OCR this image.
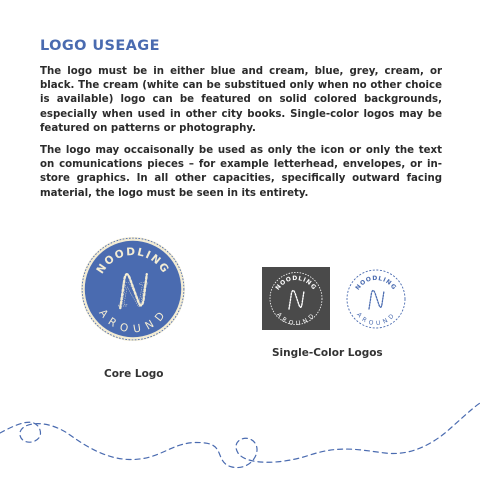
LOGO USEAGE

The logo must be in either blue and cream, blue, grey, cream, or black. The cream (white can be substitued only when no other choice is available) logo can be featured on solid colored backgrounds, especially when used in other city books. Single-color logos may be featured on patterns or photography.

The logo may occaisonally be used as only the icon or only the text on comunications pieces – for example letterhead, envelopes, or in-store graphics. In all other capacities, specifically outward facing material, the logo must be seen in its entirety.

NOODLING
AROUND
N	NOODLING
AROUND
NOODLING
AROUND
Core Logo
Single-Color Logos
